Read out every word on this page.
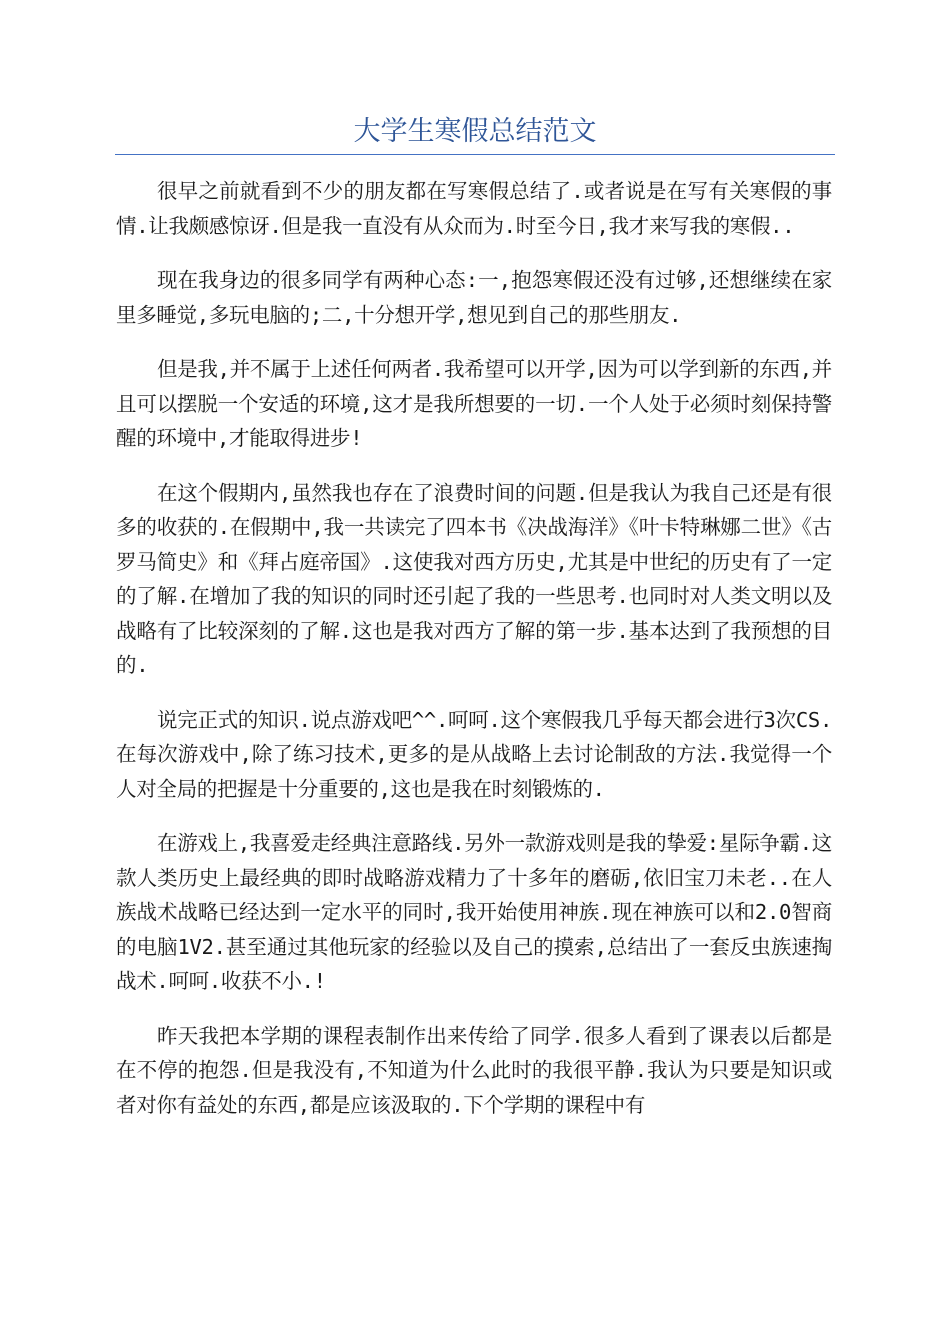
大学生寒假总结范文

很早之前就看到不少的朋友都在写寒假总结了.或者说是在写有关寒假的事情.让我颇感惊讶.但是我一直没有从众而为.时至今日,我才来写我的寒假..

现在我身边的很多同学有两种心态:一,抱怨寒假还没有过够,还想继续在家里多睡觉,多玩电脑的;二,十分想开学,想见到自己的那些朋友.

但是我,并不属于上述任何两者.我希望可以开学,因为可以学到新的东西,并且可以摆脱一个安适的环境,这才是我所想要的一切.一个人处于必须时刻保持警醒的环境中,才能取得进步!

在这个假期内,虽然我也存在了浪费时间的问题.但是我认为我自己还是有很多的收获的.在假期中,我一共读完了四本书《决战海洋》《叶卡特琳娜二世》《古罗马简史》和《拜占庭帝国》.这使我对西方历史,尤其是中世纪的历史有了一定的了解.在增加了我的知识的同时还引起了我的一些思考.也同时对人类文明以及战略有了比较深刻的了解.这也是我对西方了解的第一步.基本达到了我预想的目的.

说完正式的知识.说点游戏吧^^.呵呵.这个寒假我几乎每天都会进行3次CS.在每次游戏中,除了练习技术,更多的是从战略上去讨论制敌的方法.我觉得一个人对全局的把握是十分重要的,这也是我在时刻锻炼的.

在游戏上,我喜爱走经典注意路线.另外一款游戏则是我的挚爱:星际争霸.这款人类历史上最经典的即时战略游戏精力了十多年的磨砺,依旧宝刀未老..在人族战术战略已经达到一定水平的同时,我开始使用神族.现在神族可以和2.0智商的电脑1V2.甚至通过其他玩家的经验以及自己的摸索,总结出了一套反虫族速掏战术.呵呵.收获不小.!

昨天我把本学期的课程表制作出来传给了同学.很多人看到了课表以后都是在不停的抱怨.但是我没有,不知道为什么此时的我很平静.我认为只要是知识或者对你有益处的东西,都是应该汲取的.下个学期的课程中有
